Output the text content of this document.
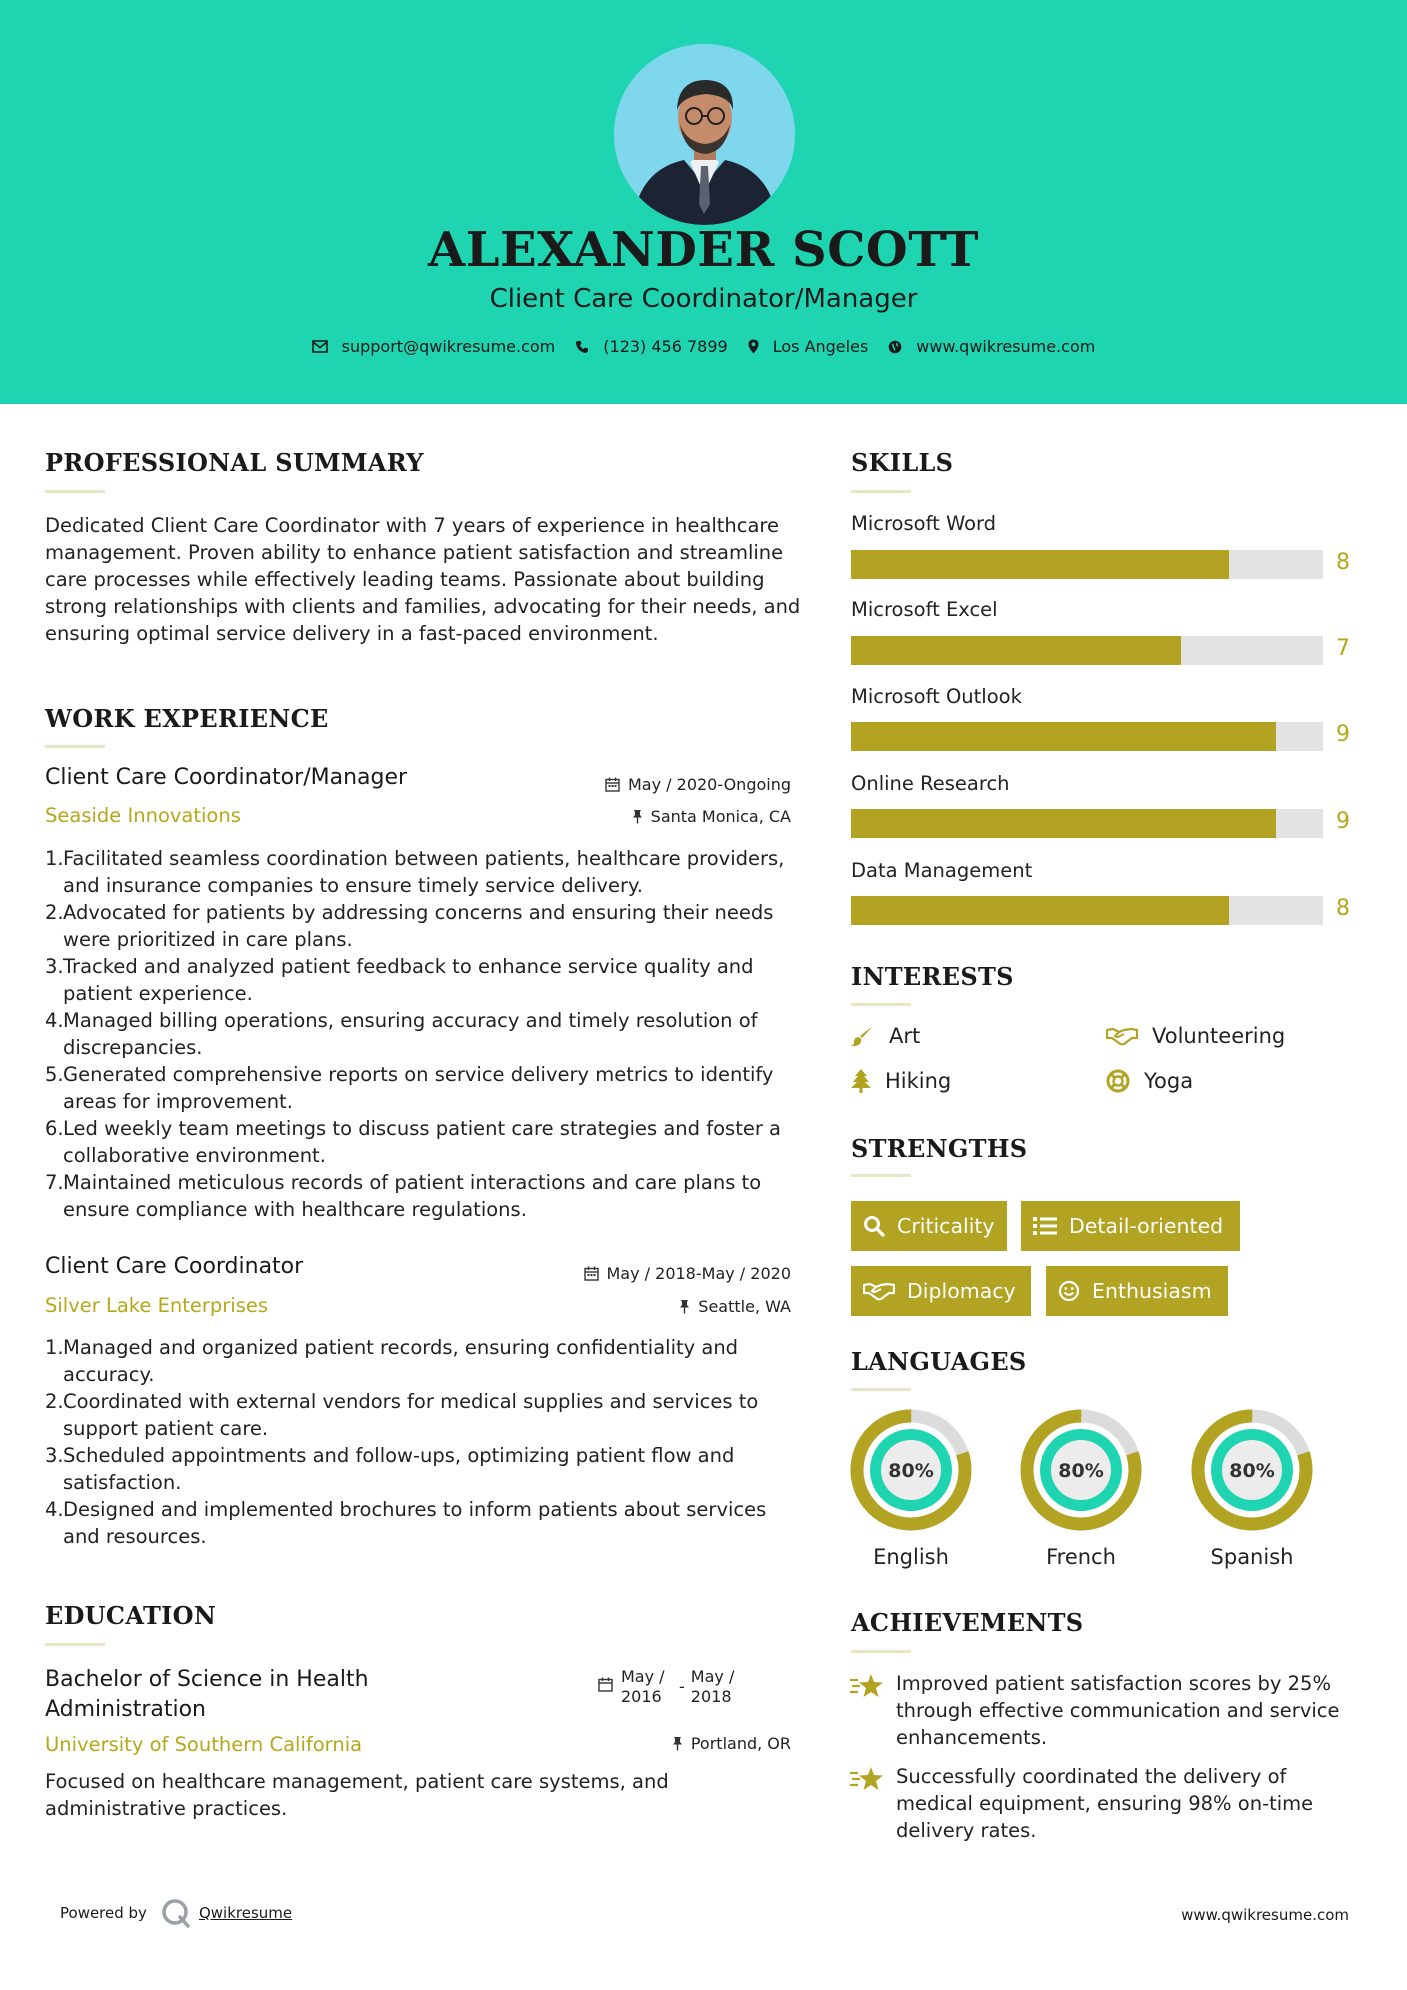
ALEXANDER SCOTT
Client Care Coordinator/Manager
support@qwikresume.com	(123) 456 7899	Los Angeles	www.qwikresume.com
PROFESSIONAL SUMMARY
Dedicated Client Care Coordinator with 7 years of experience in healthcare management. Proven ability to enhance patient satisfaction and streamline care processes while effectively leading teams. Passionate about building strong relationships with clients and families, advocating for their needs, and ensuring optimal service delivery in a fast-paced environment.
WORK EXPERIENCE
Client Care Coordinator/Manager	May / 2020-Ongoing
Seaside Innovations	Santa Monica, CA
1. Facilitated seamless coordination between patients, healthcare providers, and insurance companies to ensure timely service delivery.
2. Advocated for patients by addressing concerns and ensuring their needs were prioritized in care plans.
3. Tracked and analyzed patient feedback to enhance service quality and patient experience.
4. Managed billing operations, ensuring accuracy and timely resolution of discrepancies.
5. Generated comprehensive reports on service delivery metrics to identify areas for improvement.
6. Led weekly team meetings to discuss patient care strategies and foster a collaborative environment.
7. Maintained meticulous records of patient interactions and care plans to ensure compliance with healthcare regulations.
Client Care Coordinator	May / 2018-May / 2020
Silver Lake Enterprises	Seattle, WA
1. Managed and organized patient records, ensuring confidentiality and accuracy.
2. Coordinated with external vendors for medical supplies and services to support patient care.
3. Scheduled appointments and follow-ups, optimizing patient flow and satisfaction.
4. Designed and implemented brochures to inform patients about services and resources.
EDUCATION
Bachelor of Science in Health Administration
May / 2016
-
May / 2018
University of Southern California	Portland, OR
Focused on healthcare management, patient care systems, and administrative practices.
SKILLS
Microsoft Word
8
Microsoft Excel
7
Microsoft Outlook
9
Online Research
9
Data Management
8
INTERESTS
Art	Volunteering
Hiking	Yoga
STRENGTHS
Criticality	Detail-oriented
Diplomacy	Enthusiasm
LANGUAGES
80%
English
80%
French
80%
Spanish
ACHIEVEMENTS
Improved patient satisfaction scores by 25% through effective communication and service enhancements.
Successfully coordinated the delivery of medical equipment, ensuring 98% on-time delivery rates.
Powered by	Qwikresume	www.qwikresume.com
